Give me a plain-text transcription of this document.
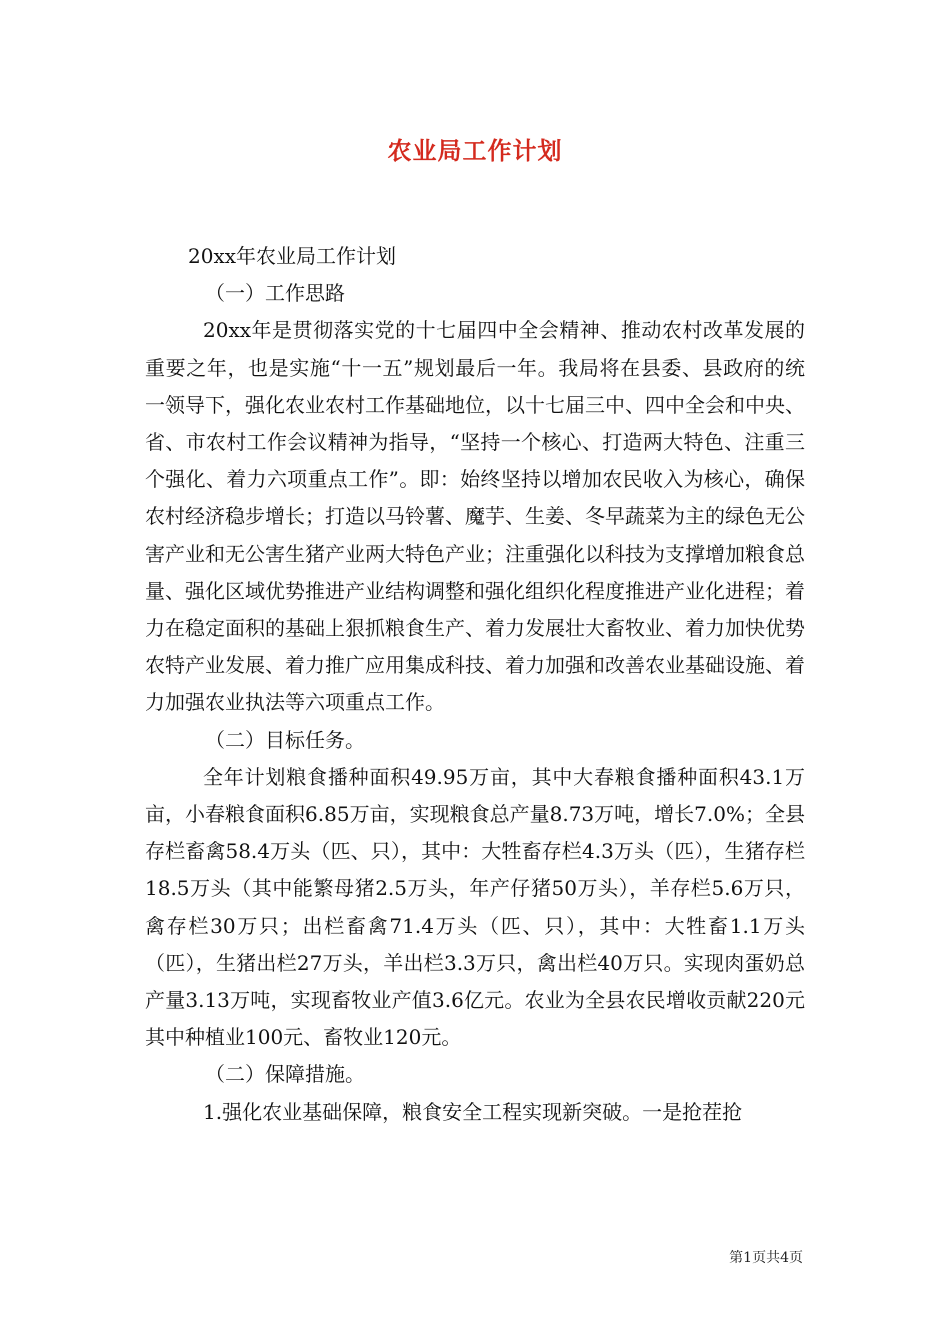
农业局工作计划

20xx年农业局工作计划

（一）工作思路

20xx年是贯彻落实党的十七届四中全会精神、推动农村改革发展的重要之年，也是实施“十一五”规划最后一年。我局将在县委、县政府的统一领导下，强化农业农村工作基础地位，以十七届三中、四中全会和中央、省、市农村工作会议精神为指导，“坚持一个核心、打造两大特色、注重三个强化、着力六项重点工作”。即：始终坚持以增加农民收入为核心，确保农村经济稳步增长；打造以马铃薯、魔芋、生姜、冬早蔬菜为主的绿色无公害产业和无公害生猪产业两大特色产业；注重强化以科技为支撑增加粮食总量、强化区域优势推进产业结构调整和强化组织化程度推进产业化进程；着力在稳定面积的基础上狠抓粮食生产、着力发展壮大畜牧业、着力加快优势农特产业发展、着力推广应用集成科技、着力加强和改善农业基础设施、着力加强农业执法等六项重点工作。

（二）目标任务。

全年计划粮食播种面积49.95万亩，其中大春粮食播种面积43.1万亩，小春粮食面积6.85万亩，实现粮食总产量8.73万吨，增长7.0%；全县存栏畜禽58.4万头（匹、只），其中：大牲畜存栏4.3万头（匹），生猪存栏18.5万头（其中能繁母猪2.5万头，年产仔猪50万头），羊存栏5.6万只，禽存栏30万只；出栏畜禽71.4万头（匹、只），其中：大牲畜1.1万头（匹），生猪出栏27万头，羊出栏3.3万只，禽出栏40万只。实现肉蛋奶总产量3.13万吨，实现畜牧业产值3.6亿元。农业为全县农民增收贡献220元其中种植业100元、畜牧业120元。

（二）保障措施。

1.强化农业基础保障，粮食安全工程实现新突破。一是抢茬抢

第1页共4页
